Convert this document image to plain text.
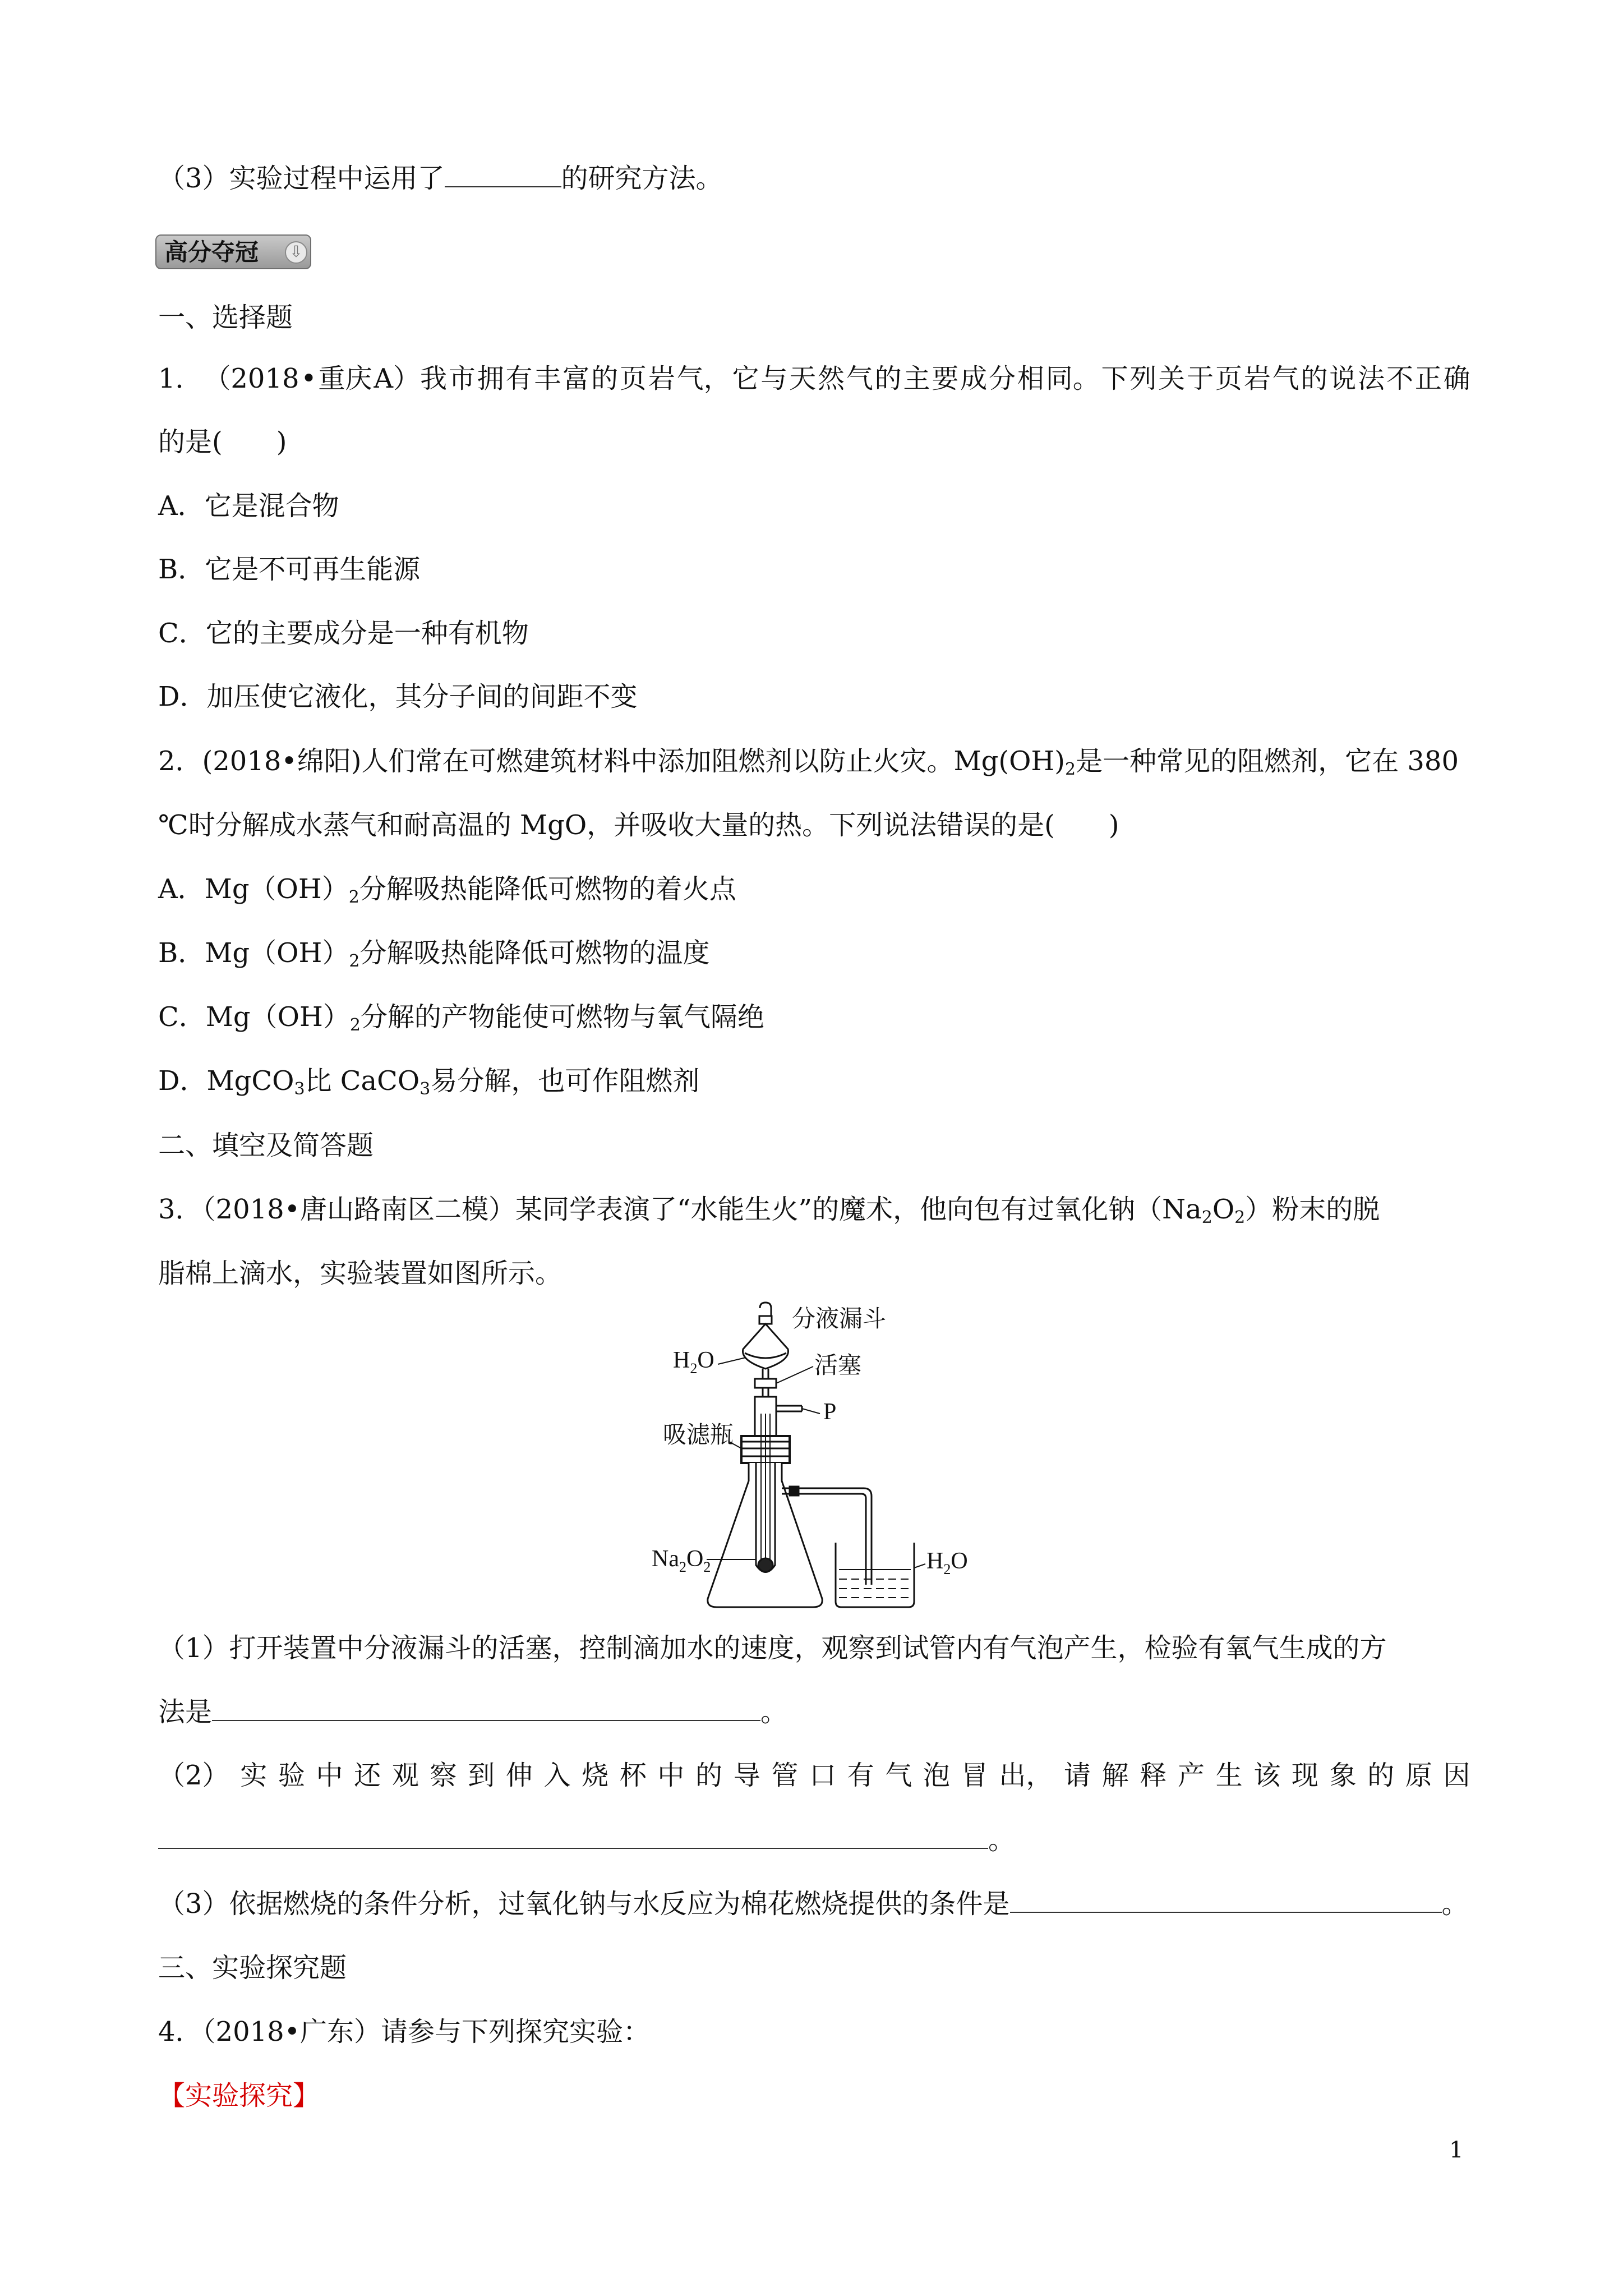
（3）实验过程中运用了	的研究方法。
高分夺冠	⇩
一、选择题
1． （2018 • 重庆 A）我 市 拥 有 丰 富 的 页 岩 气， 它 与 天 然 气 的 主 要 成 分 相 同。 下 列 关 于 页 岩 气 的 说 法 不 正 确
的是(　　)
A．它是混合物
B．它是不可再生能源
C．它的主要成分是一种有机物
D．加压使它液化，其分子间的间距不变
2．(2018•绵阳)人们常在可燃建筑材料中添加阻燃剂以防止火灾。$Mg(OH)_2$是一种常见的阻燃剂，它在 380
℃时分解成水蒸气和耐高温的 MgO，并吸收大量的热。下列说法错误的是(　　)
A．$Mg(OH)_2$分解吸热能降低可燃物的着火点
B．$Mg(OH)_2$分解吸热能降低可燃物的温度
C．$Mg(OH)_2$分解的产物能使可燃物与氧气隔绝
D．MgCO$_3$比 CaCO$_3$易分解，也可作阻燃剂
二、填空及简答题
3．（2018•唐山路南区二模）某同学表演了“水能生火”的魔术，他向包有过氧化钠$(Na_2O_2)$粉末的脱
脂棉上滴水，实验装置如图所示。
分液漏斗
活塞
P
吸滤瓶
$H_2O$
$Na_2O_2$	$H_2O$
（1）打开装置中分液漏斗的活塞，控制滴加水的速度，观察到试管内有气泡产生，检验有氧气生成的方
法是	。
（2） 实 验 中 还 观 察 到 伸 入 烧 杯 中 的 导 管 口 有 气 泡 冒 出， 请 解 释 产 生 该 现 象 的 原 因
。
（3）依据燃烧的条件分析，过氧化钠与水反应为棉花燃烧提供的条件是	。
三、实验探究题
4．（2018•广东）请参与下列探究实验：
【实验探究】
1
